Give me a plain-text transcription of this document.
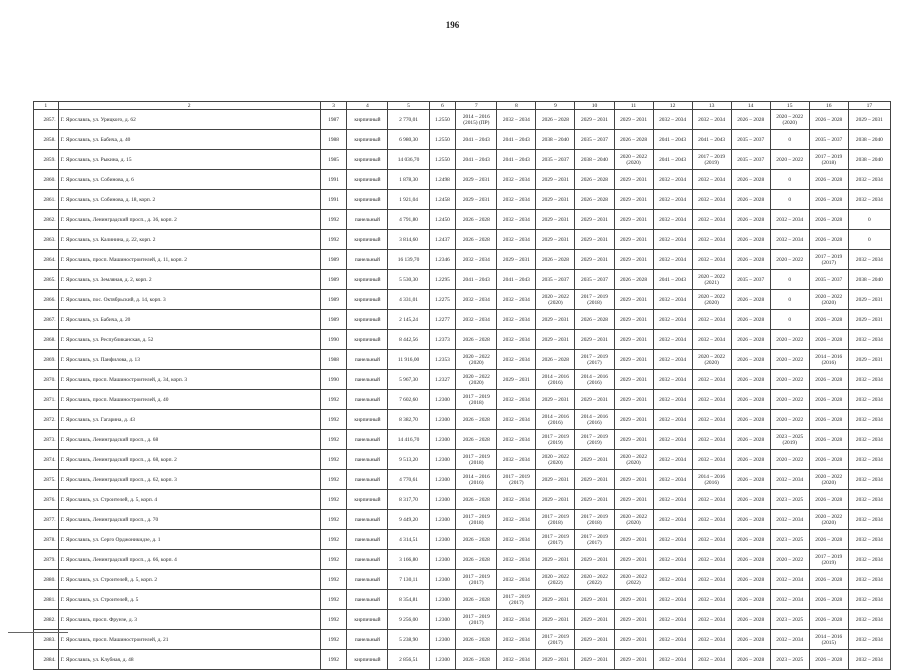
196
1	2	3	4	5	6	7	8	9	10	11	12	13	14	15	16	17
2857.	Г. Ярославль, ул. Урицкого, д. 62	1987	кирпичный	2 770,01	1.2550	2014 – 2016 (2015) (ПР)	2032 – 2034	2026 – 2028	2029 – 2031	2029 – 2031	2032 – 2034	2032 – 2034	2026 – 2028	2020 – 2022 (2020)	2026 – 2028	2029 – 2031
2858.	Г. Ярославль, ул. Бабича, д. 40	1988	кирпичный	6 980,30	1.2550	2041 – 2043	2041 – 2043	2038 – 2040	2035 – 2037	2026 – 2028	2041 – 2043	2041 – 2043	2035 – 2037	0	2035 – 2037	2038 – 2040
2859.	Г. Ярославль, ул. Рыкина, д. 15	1985	кирпичный	14 036,70	1.2550	2041 – 2043	2041 – 2043	2035 – 2037	2038 – 2040	2020 – 2022 (2020)	2041 – 2043	2017 – 2019 (2019)	2035 – 2037	2020 – 2022	2017 – 2019 (2018)	2038 – 2040
2860.	Г. Ярославль, ул. Собинова, д. 6	1991	кирпичный	1 878,30	1.2498	2029 – 2031	2032 – 2034	2029 – 2031	2026 – 2028	2029 – 2031	2032 – 2034	2032 – 2034	2026 – 2028	0	2026 – 2028	2032 – 2034
2861.	Г. Ярославль, ул. Собинова, д. 18, корп. 2	1991	кирпичный	1 921,04	1.2458	2029 – 2031	2032 – 2034	2029 – 2031	2026 – 2028	2029 – 2031	2032 – 2034	2032 – 2034	2026 – 2028	0	2026 – 2028	2032 – 2034
2862.	Г. Ярославль, Ленинградский просп., д. 36, корп. 2	1992	панельный	4 791,80	1.2450	2026 – 2028	2032 – 2034	2029 – 2031	2029 – 2031	2029 – 2031	2032 – 2034	2032 – 2034	2026 – 2028	2032 – 2034	2026 – 2028	0
2863.	Г. Ярославль, ул. Калинина, д. 22, корп. 2	1992	кирпичный	3 814,60	1.2437	2026 – 2028	2032 – 2034	2029 – 2031	2029 – 2031	2029 – 2031	2032 – 2034	2032 – 2034	2026 – 2028	2032 – 2034	2026 – 2028	0
2864.	Г. Ярославль, просп. Машиностроителей, д. 11, корп. 2	1989	панельный	16 139,70	1.2346	2032 – 2034	2029 – 2031	2026 – 2028	2029 – 2031	2029 – 2031	2032 – 2034	2032 – 2034	2026 – 2028	2020 – 2022	2017 – 2019 (2017)	2032 – 2034
2865.	Г. Ярославль, ул. Земляная, д. 2, корп. 2	1989	кирпичный	5 530,30	1.2295	2041 – 2043	2041 – 2043	2035 – 2037	2035 – 2037	2026 – 2028	2041 – 2043	2020 – 2022 (2021)	2035 – 2037	0	2035 – 2037	2038 – 2040
2866.	Г. Ярославль, пос. Октябрьский, д. 14, корп. 3	1989	кирпичный	4 331,01	1.2275	2032 – 2034	2032 – 2034	2020 – 2022 (2020)	2017 – 2019 (2018)	2029 – 2031	2032 – 2034	2020 – 2022 (2020)	2026 – 2028	0	2020 – 2022 (2020)	2029 – 2031
2867.	Г. Ярославль, ул. Бабича, д. 20	1989	кирпичный	2 145,24	1.2277	2032 – 2034	2032 – 2034	2029 – 2031	2026 – 2028	2029 – 2031	2032 – 2034	2032 – 2034	2026 – 2028	0	2026 – 2028	2029 – 2031
2868.	Г. Ярославль, ул. Республиканская, д. 52	1990	кирпичный	8 442,56	1.2373	2026 – 2028	2032 – 2034	2029 – 2031	2029 – 2031	2029 – 2031	2032 – 2034	2032 – 2034	2026 – 2028	2020 – 2022	2026 – 2028	2032 – 2034
2869.	Г. Ярославль, ул. Панфилова, д. 13	1988	панельный	11 916,00	1.2353	2020 – 2022 (2020)	2032 – 2034	2026 – 2028	2017 – 2019 (2017)	2029 – 2031	2032 – 2034	2020 – 2022 (2020)	2026 – 2028	2020 – 2022	2014 – 2016 (2016)	2029 – 2031
2870.	Г. Ярославль, просп. Машиностроителей, д. 34, корп. 3	1990	панельный	5 967,30	1.2327	2020 – 2022 (2020)	2029 – 2031	2014 – 2016 (2016)	2014 – 2016 (2016)	2029 – 2031	2032 – 2034	2032 – 2034	2026 – 2028	2020 – 2022	2026 – 2028	2032 – 2034
2871.	Г. Ярославль, просп. Машиностроителей, д. 40	1992	панельный	7 602,60	1.2300	2017 – 2019 (2018)	2032 – 2034	2029 – 2031	2029 – 2031	2029 – 2031	2032 – 2034	2032 – 2034	2026 – 2028	2020 – 2022	2026 – 2028	2032 – 2034
2872.	Г. Ярославль, ул. Гагарина, д. 43	1992	кирпичный	8 382,70	1.2300	2026 – 2028	2032 – 2034	2014 – 2016 (2016)	2014 – 2016 (2016)	2029 – 2031	2032 – 2034	2032 – 2034	2026 – 2028	2020 – 2022	2026 – 2028	2032 – 2034
2873.	Г. Ярославль, Ленинградский просп., д. 68	1992	панельный	14 416,70	1.2300	2026 – 2028	2032 – 2034	2017 – 2019 (2019)	2017 – 2019 (2019)	2029 – 2031	2032 – 2034	2032 – 2034	2026 – 2028	2023 – 2025 (2019)	2026 – 2028	2032 – 2034
2874.	Г. Ярославль, Ленинградский просп., д. 68, корп. 2	1992	панельный	9 513,20	1.2300	2017 – 2019 (2018)	2032 – 2034	2020 – 2022 (2020)	2029 – 2031	2020 – 2022 (2020)	2032 – 2034	2032 – 2034	2026 – 2028	2020 – 2022	2026 – 2028	2032 – 2034
2875.	Г. Ярославль, Ленинградский просп., д. 62, корп. 3	1992	панельный	4 770,61	1.2300	2014 – 2016 (2016)	2017 – 2019 (2017)	2029 – 2031	2029 – 2031	2029 – 2031	2032 – 2034	2014 – 2016 (2016)	2026 – 2028	2032 – 2034	2020 – 2022 (2020)	2032 – 2034
2876.	Г. Ярославль, ул. Строителей, д. 5, корп. 4	1992	кирпичный	8 317,70	1.2300	2026 – 2028	2032 – 2034	2029 – 2031	2029 – 2031	2029 – 2031	2032 – 2034	2032 – 2034	2026 – 2028	2023 – 2025	2026 – 2028	2032 – 2034
2877.	Г. Ярославль, Ленинградский просп., д. 70	1992	панельный	9 449,20	1.2300	2017 – 2019 (2018)	2032 – 2034	2017 – 2019 (2018)	2017 – 2019 (2018)	2020 – 2022 (2020)	2032 – 2034	2032 – 2034	2026 – 2028	2032 – 2034	2020 – 2022 (2020)	2032 – 2034
2878.	Г. Ярославль, ул. Серго Орджоникидзе, д. 1	1992	панельный	4 314,51	1.2300	2026 – 2028	2032 – 2034	2017 – 2019 (2017)	2017 – 2019 (2017)	2029 – 2031	2032 – 2034	2032 – 2034	2026 – 2028	2023 – 2025	2026 – 2028	2032 – 2034
2879.	Г. Ярославль, Ленинградский просп., д. 66, корп. 4	1992	панельный	3 166,80	1.2300	2026 – 2028	2032 – 2034	2029 – 2031	2029 – 2031	2029 – 2031	2032 – 2034	2032 – 2034	2026 – 2028	2020 – 2022	2017 – 2019 (2019)	2032 – 2034
2880.	Г. Ярославль, ул. Строителей, д. 5, корп. 2	1992	панельный	7 130,11	1.2300	2017 – 2019 (2017)	2032 – 2034	2020 – 2022 (2022)	2020 – 2022 (2022)	2020 – 2022 (2022)	2032 – 2034	2032 – 2034	2026 – 2028	2032 – 2034	2026 – 2028	2032 – 2034
2881.	Г. Ярославль, ул. Строителей, д. 5	1992	панельный	8 354,81	1.2300	2026 – 2028	2017 – 2019 (2017)	2029 – 2031	2029 – 2031	2029 – 2031	2032 – 2034	2032 – 2034	2026 – 2028	2032 – 2034	2026 – 2028	2032 – 2034
2882.	Г. Ярославль, просп. Фрунзе, д. 3	1992	кирпичный	9 256,00	1.2300	2017 – 2019 (2017)	2032 – 2034	2029 – 2031	2029 – 2031	2029 – 2031	2032 – 2034	2032 – 2034	2026 – 2028	2023 – 2025	2026 – 2028	2032 – 2034
2883.	Г. Ярославль, просп. Машиностроителей, д. 21	1992	панельный	5 238,90	1.2300	2026 – 2028	2032 – 2034	2017 – 2019 (2017)	2029 – 2031	2029 – 2031	2032 – 2034	2032 – 2034	2026 – 2028	2032 – 2034	2014 – 2016 (2015)	2032 – 2034
2884.	Г. Ярославль, ул. Клубная, д. 48	1992	кирпичный	2 856,51	1.2300	2026 – 2028	2032 – 2034	2029 – 2031	2029 – 2031	2029 – 2031	2032 – 2034	2032 – 2034	2026 – 2028	2023 – 2025	2026 – 2028	2032 – 2034
